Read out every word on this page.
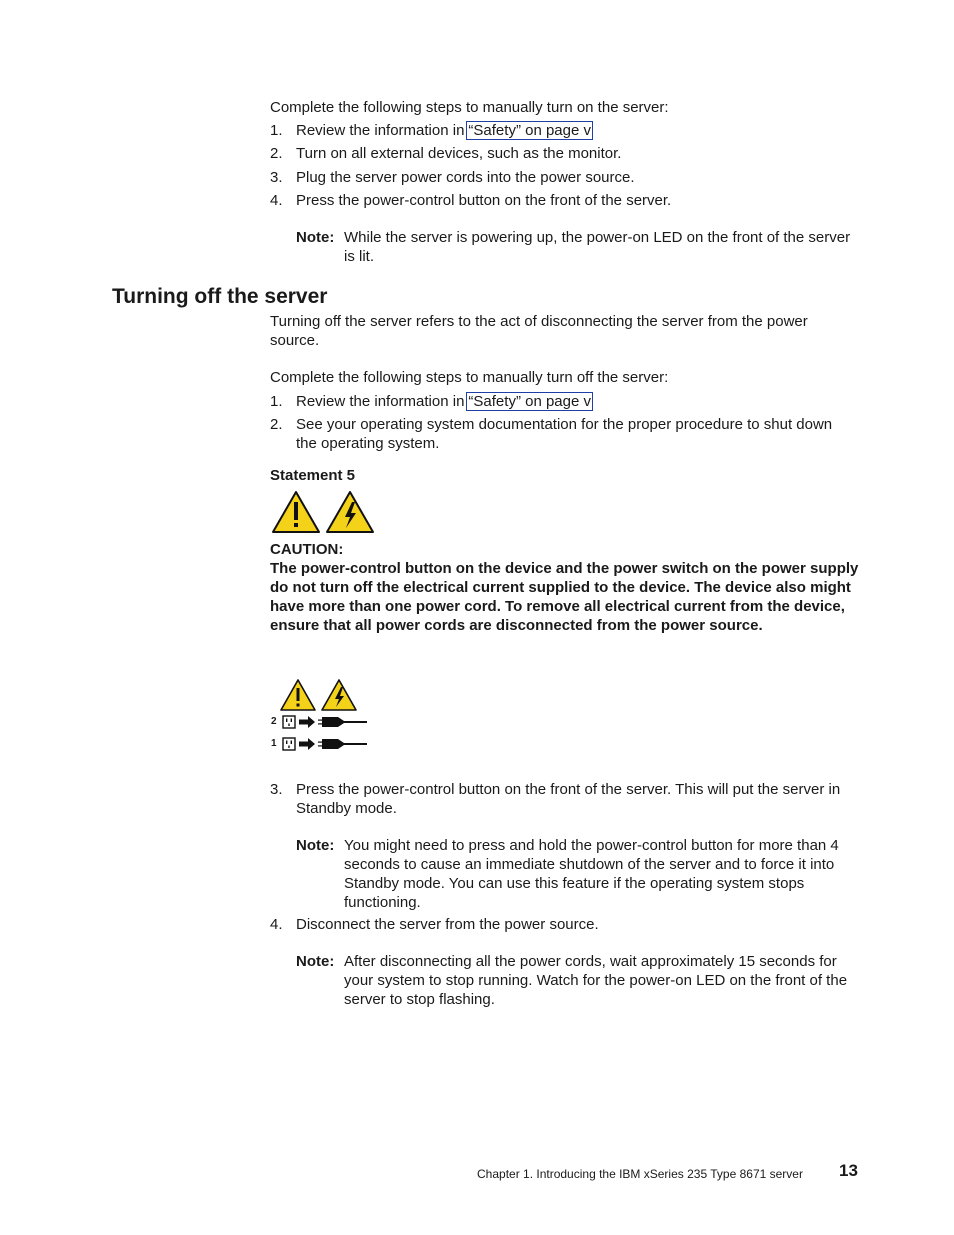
Complete the following steps to manually turn on the server:
1. Review the information in “Safety” on page v
2. Turn on all external devices, such as the monitor.
3. Plug the server power cords into the power source.
4. Press the power-control button on the front of the server.
Note: While the server is powering up, the power-on LED on the front of the server is lit.
Turning off the server
Turning off the server refers to the act of disconnecting the server from the power source.
Complete the following steps to manually turn off the server:
1. Review the information in “Safety” on page v
2. See your operating system documentation for the proper procedure to shut down the operating system.
Statement 5
CAUTION:
The power-control button on the device and the power switch on the power supply do not turn off the electrical current supplied to the device. The device also might have more than one power cord. To remove all electrical current from the device, ensure that all power cords are disconnected from the power source.
2
1
3. Press the power-control button on the front of the server. This will put the server in Standby mode.
Note: You might need to press and hold the power-control button for more than 4 seconds to cause an immediate shutdown of the server and to force it into Standby mode. You can use this feature if the operating system stops functioning.
4. Disconnect the server from the power source.
Note: After disconnecting all the power cords, wait approximately 15 seconds for your system to stop running. Watch for the power-on LED on the front of the server to stop flashing.
Chapter 1. Introducing the IBM xSeries 235 Type 8671 server 13
